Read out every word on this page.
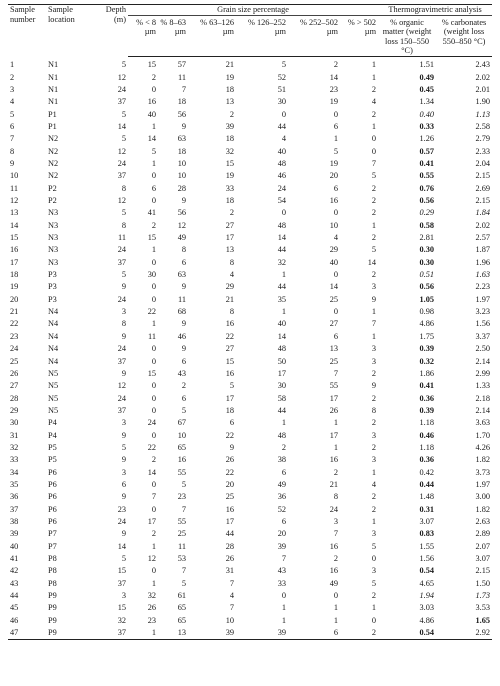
Sample number	Sample location	Depth (m)	Grain size percentage						Thermogravimetric analysis	
			% < 8 µm	% 8–63 µm	% 63–126 µm	% 126–252 µm	% 252–502 µm	% > 502 µm	% organic matter (weight loss 150–550 °C)	% carbonates (weight loss 550–850 °C)
1	N1	5	15	57	21	5	2	1	1.51	2.43
2	N1	12	2	11	19	52	14	1	0.49	2.02
3	N1	24	0	7	18	51	23	2	0.45	2.01
4	N1	37	16	18	13	30	19	4	1.34	1.90
5	P1	5	40	56	2	0	0	2	0.40	1.13
6	P1	14	1	9	39	44	6	1	0.33	2.58
7	N2	5	14	63	18	4	1	0	1.26	2.79
8	N2	12	5	18	32	40	5	0	0.57	2.33
9	N2	24	1	10	15	48	19	7	0.41	2.04
10	N2	37	0	10	19	46	20	5	0.55	2.15
11	P2	8	6	28	33	24	6	2	0.76	2.69
12	P2	12	0	9	18	54	16	2	0.56	2.15
13	N3	5	41	56	2	0	0	2	0.29	1.84
14	N3	8	2	12	27	48	10	1	0.58	2.02
15	N3	11	15	49	17	14	4	2	2.81	2.57
16	N3	24	1	8	13	44	29	5	0.30	1.87
17	N3	37	0	6	8	32	40	14	0.30	1.96
18	P3	5	30	63	4	1	0	2	0.51	1.63
19	P3	9	0	9	29	44	14	3	0.56	2.23
20	P3	24	0	11	21	35	25	9	1.05	1.97
21	N4	3	22	68	8	1	0	1	0.98	3.23
22	N4	8	1	9	16	40	27	7	4.86	1.56
23	N4	9	11	46	22	14	6	1	1.75	3.37
24	N4	24	0	9	27	48	13	3	0.39	2.50
25	N4	37	0	6	15	50	25	3	0.32	2.14
26	N5	9	15	43	16	17	7	2	1.86	2.99
27	N5	12	0	2	5	30	55	9	0.41	1.33
28	N5	24	0	6	17	58	17	2	0.36	2.18
29	N5	37	0	5	18	44	26	8	0.39	2.14
30	P4	3	24	67	6	1	1	2	1.18	3.63
31	P4	9	0	10	22	48	17	3	0.46	1.70
32	P5	5	22	65	9	2	1	2	1.18	4.26
33	P5	9	2	16	26	38	16	3	0.36	1.82
34	P6	3	14	55	22	6	2	1	0.42	3.73
35	P6	6	0	5	20	49	21	4	0.44	1.97
36	P6	9	7	23	25	36	8	2	1.48	3.00
37	P6	23	0	7	16	52	24	2	0.31	1.82
38	P6	24	17	55	17	6	3	1	3.07	2.63
39	P7	9	2	25	44	20	7	3	0.83	2.89
40	P7	14	1	11	28	39	16	5	1.55	2.07
41	P8	5	12	53	26	7	2	0	1.56	3.07
42	P8	15	0	7	31	43	16	3	0.54	2.15
43	P8	37	1	5	7	33	49	5	4.65	1.50
44	P9	3	32	61	4	0	0	2	1.94	1.73
45	P9	15	26	65	7	1	1	1	3.03	3.53
46	P9	32	23	65	10	1	1	0	4.86	1.65
47	P9	37	1	13	39	39	6	2	0.54	2.92
